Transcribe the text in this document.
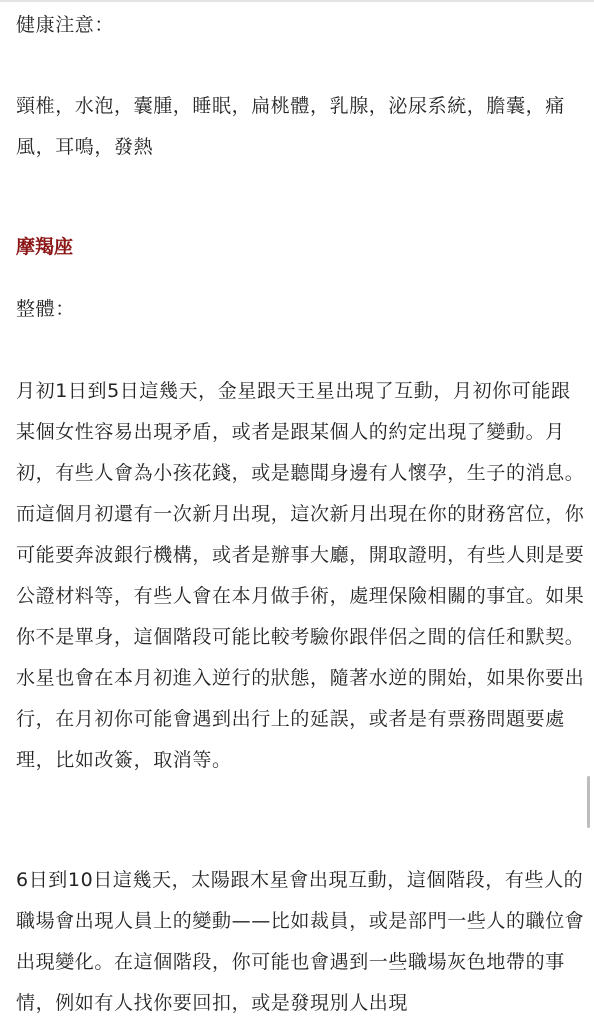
健康注意：

頸椎，水泡，囊腫，睡眠，扁桃體，乳腺，泌尿系統，膽囊，痛風，耳鳴，發熱

摩羯座

整體：

月初1日到5日這幾天，金星跟天王星出現了互動，月初你可能跟某個女性容易出現矛盾，或者是跟某個人的約定出現了變動。月初，有些人會為小孩花錢，或是聽聞身邊有人懷孕，生子的消息。而這個月初還有一次新月出現，這次新月出現在你的財務宮位，你可能要奔波銀行機構，或者是辦事大廳，開取證明，有些人則是要公證材料等，有些人會在本月做手術，處理保險相關的事宜。如果你不是單身，這個階段可能比較考驗你跟伴侶之間的信任和默契。水星也會在本月初進入逆行的狀態，隨著水逆的開始，如果你要出行，在月初你可能會遇到出行上的延誤，或者是有票務問題要處理，比如改簽，取消等。

6日到10日這幾天，太陽跟木星會出現互動，這個階段，有些人的職場會出現人員上的變動——比如裁員，或是部門一些人的職位會出現變化。在這個階段，你可能也會遇到一些職場灰色地帶的事情，例如有人找你要回扣，或是發現別人出現
